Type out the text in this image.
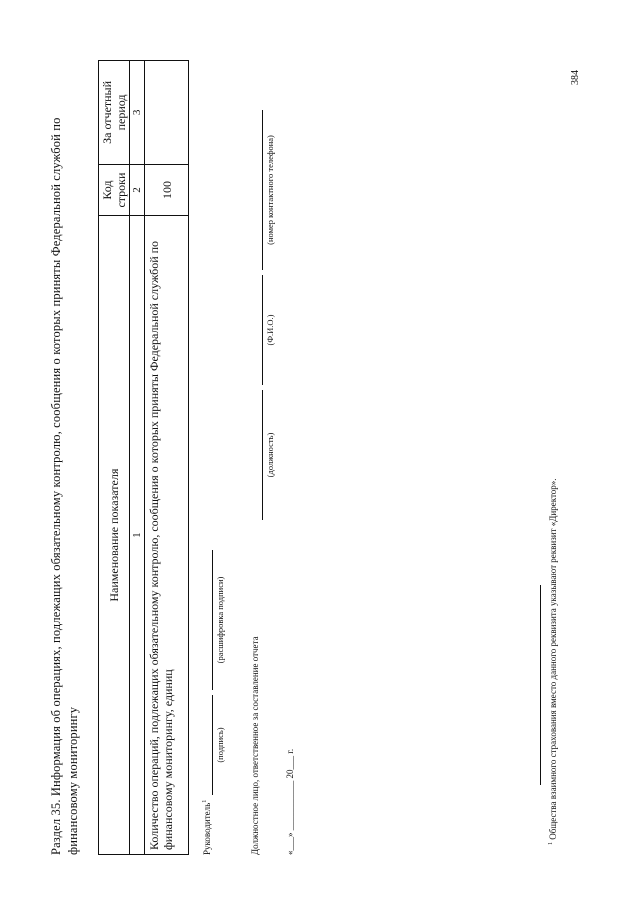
Раздел 35. Информация об операциях, подлежащих обязательному контролю, сообщения о которых приняты Федеральной службой по финансовому мониторингу
Наименование показателя	Код строки	За отчетный период
1	2	3
Количество операций, подлежащих обязательному контролю, сообщения о которых приняты Федеральной службой по финансовому мониторингу, единиц	100	
Руководитель$^1$
(подпись)
(расшифровка подписи)
Должностное лицо, ответственное за составление отчета
(должность)
(Ф.И.О.)
(номер контактного телефона)
«___» ___________ 20___ г.	$^1$ Общества взаимного страхования вместо данного реквизита указывают реквизит «Директор».
384
